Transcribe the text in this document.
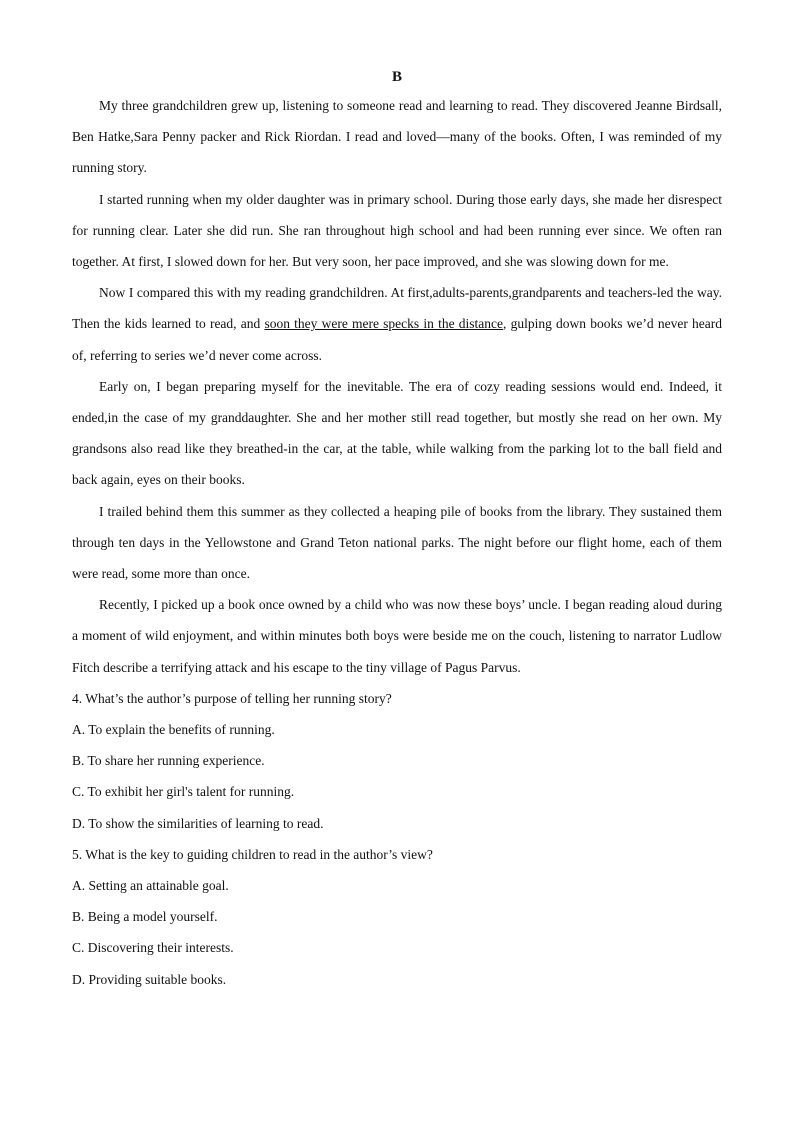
B

My three grandchildren grew up, listening to someone read and learning to read. They discovered Jeanne Birdsall, Ben Hatke,Sara Penny packer and Rick Riordan. I read and loved—many of the books. Often, I was reminded of my running story.

I started running when my older daughter was in primary school. During those early days, she made her disrespect for running clear. Later she did run. She ran throughout high school and had been running ever since. We often ran together. At first, I slowed down for her. But very soon, her pace improved, and she was slowing down for me.

Now I compared this with my reading grandchildren. At first,adults-parents,grandparents and teachers-led the way. Then the kids learned to read, and soon they were mere specks in the distance, gulping down books we’d never heard of, referring to series we’d never come across.

Early on, I began preparing myself for the inevitable. The era of cozy reading sessions would end. Indeed, it ended,in the case of my granddaughter. She and her mother still read together, but mostly she read on her own. My grandsons also read like they breathed-in the car, at the table, while walking from the parking lot to the ball field and back again, eyes on their books.

I trailed behind them this summer as they collected a heaping pile of books from the library. They sustained them through ten days in the Yellowstone and Grand Teton national parks. The night before our flight home, each of them were read, some more than once.

Recently, I picked up a book once owned by a child who was now these boys’ uncle. I began reading aloud during a moment of wild enjoyment, and within minutes both boys were beside me on the couch, listening to narrator Ludlow Fitch describe a terrifying attack and his escape to the tiny village of Pagus Parvus.

4. What’s the author’s purpose of telling her running story?

A. To explain the benefits of running.

B. To share her running experience.

C. To exhibit her girl's talent for running.

D. To show the similarities of learning to read.

5. What is the key to guiding children to read in the author’s view?

A. Setting an attainable goal.

B. Being a model yourself.

C. Discovering their interests.

D. Providing suitable books.
